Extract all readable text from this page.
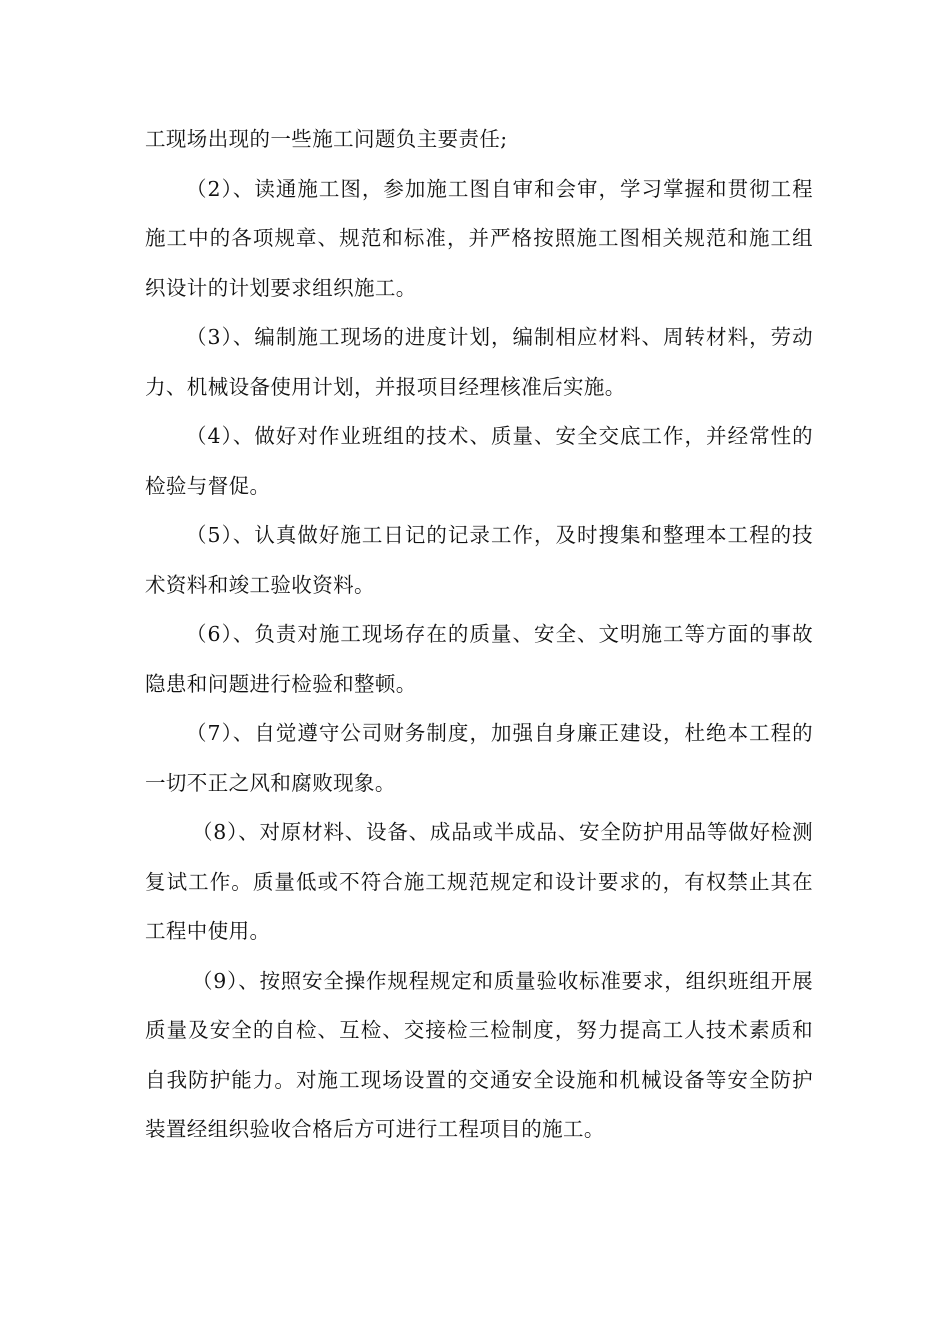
工现场出现的一些施工问题负主要责任;

（2）、读通施工图，参加施工图自审和会审，学习掌握和贯彻工程施工中的各项规章、规范和标准，并严格按照施工图相关规范和施工组织设计的计划要求组织施工。

（3）、编制施工现场的进度计划，编制相应材料、周转材料，劳动力、机械设备使用计划，并报项目经理核准后实施。

（4）、做好对作业班组的技术、质量、安全交底工作，并经常性的检验与督促。

（5）、认真做好施工日记的记录工作，及时搜集和整理本工程的技术资料和竣工验收资料。

（6）、负责对施工现场存在的质量、安全、文明施工等方面的事故隐患和问题进行检验和整顿。

（7）、自觉遵守公司财务制度，加强自身廉正建设，杜绝本工程的一切不正之风和腐败现象。

（8）、对原材料、设备、成品或半成品、安全防护用品等做好检测复试工作。质量低或不符合施工规范规定和设计要求的，有权禁止其在工程中使用。

（9）、按照安全操作规程规定和质量验收标准要求，组织班组开展质量及安全的自检、互检、交接检三检制度，努力提高工人技术素质和自我防护能力。对施工现场设置的交通安全设施和机械设备等安全防护装置经组织验收合格后方可进行工程项目的施工。
